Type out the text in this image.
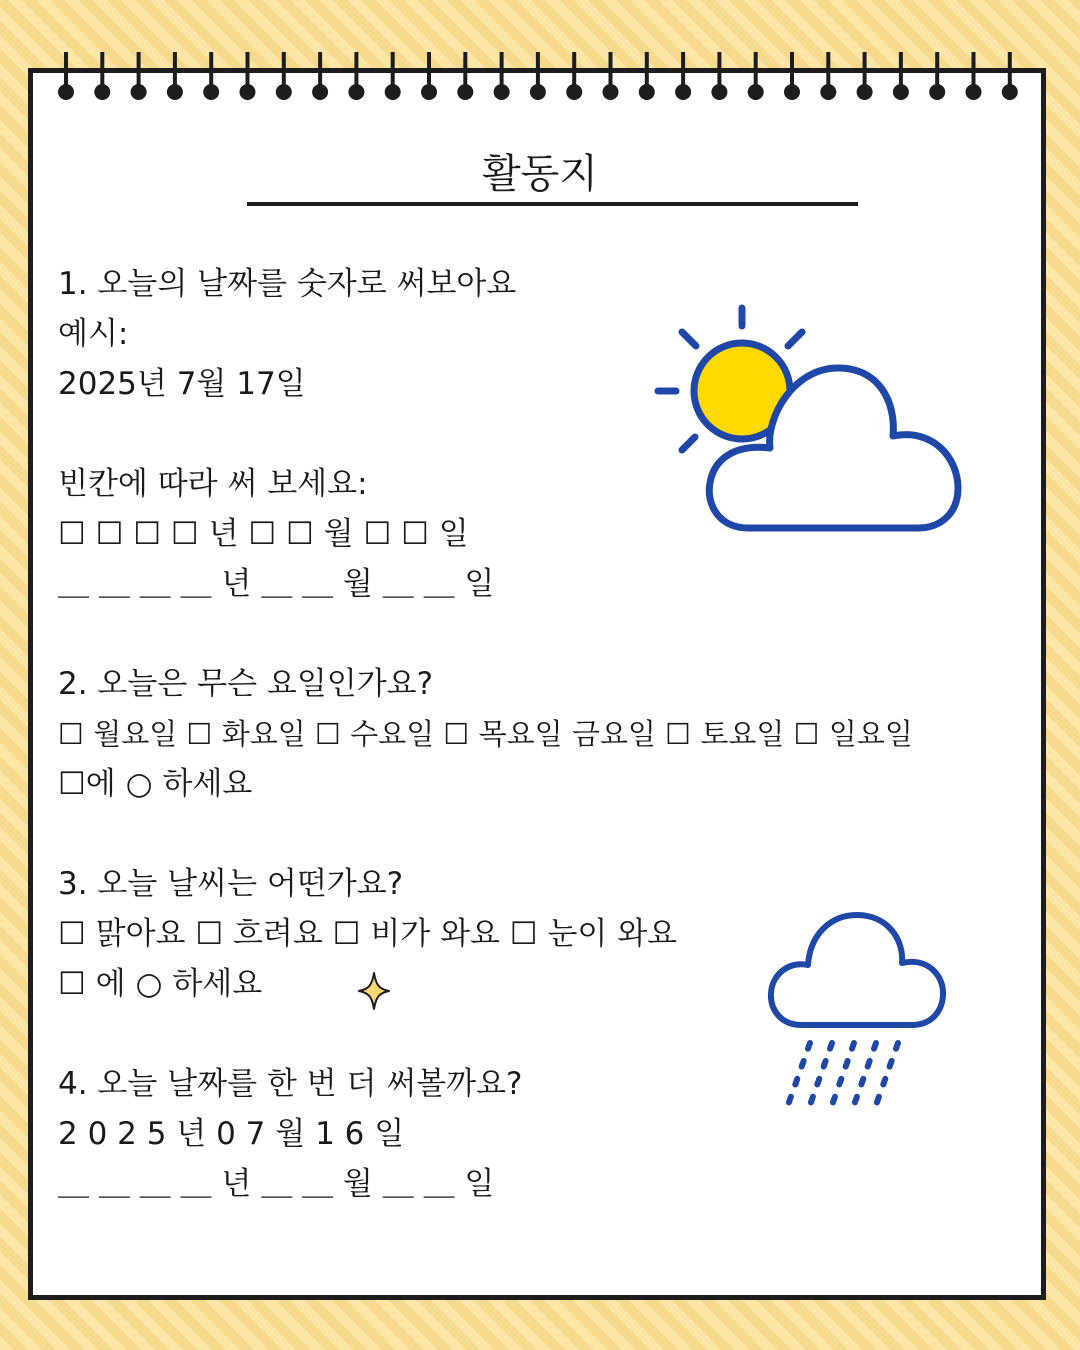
활동지
1. 오늘의 날짜를 숫자로 써보아요
예시:
2025년 7월 17일
빈칸에 따라 써 보세요:
☐ ☐ ☐ ☐ 년 ☐ ☐ 월 ☐ ☐ 일
＿ ＿ ＿ ＿ 년 ＿ ＿ 월 ＿ ＿ 일
2. 오늘은 무슨 요일인가요?
☐ 월요일 ☐ 화요일 ☐ 수요일 ☐ 목요일 금요일 ☐ 토요일 ☐ 일요일
☐에 ○ 하세요
3. 오늘 날씨는 어떤가요?
☐ 맑아요 ☐ 흐려요 ☐ 비가 와요 ☐ 눈이 와요
☐ 에 ○ 하세요
4. 오늘 날짜를 한 번 더 써볼까요?
2 0 2 5 년 0 7 월 1 6 일
＿ ＿ ＿ ＿ 년 ＿ ＿ 월 ＿ ＿ 일
